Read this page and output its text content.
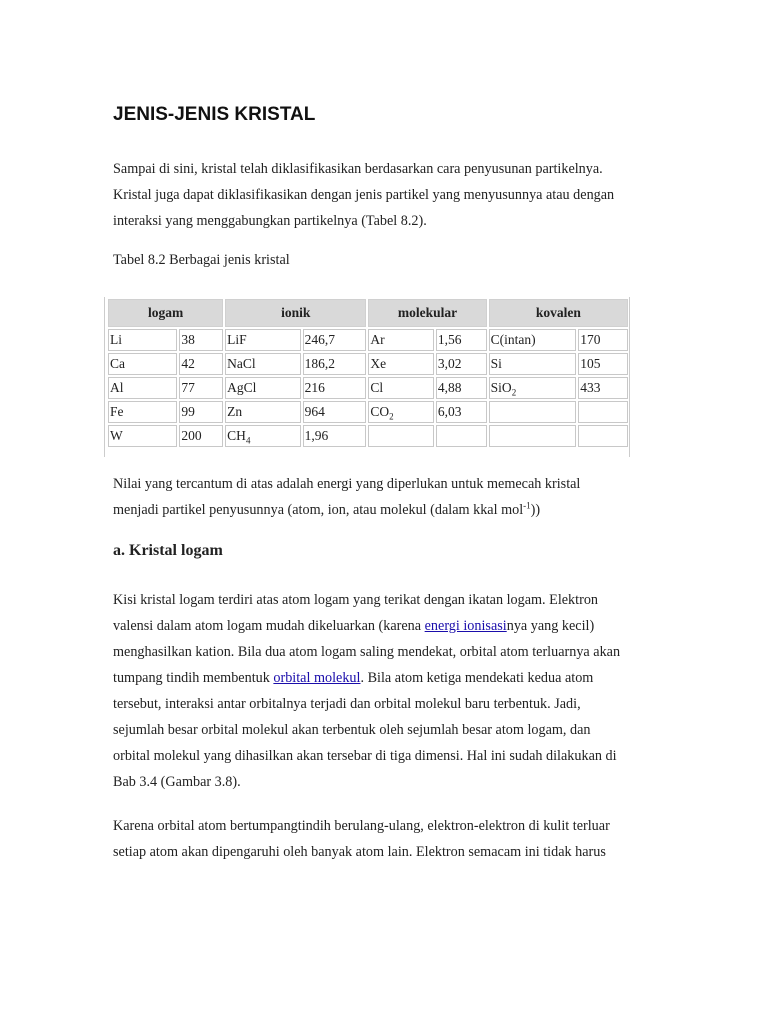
JENIS-JENIS KRISTAL

Sampai di sini, kristal telah diklasifikasikan berdasarkan cara penyusunan partikelnya.
Kristal juga dapat diklasifikasikan dengan jenis partikel yang menyusunnya atau dengan
interaksi yang menggabungkan partikelnya (Tabel 8.2).

Tabel 8.2 Berbagai jenis kristal

logam		ionik		molekular		kovalen	
Li	38	LiF	246,7	Ar	1,56	C(intan)	170
Ca	42	NaCl	186,2	Xe	3,02	Si	105
Al	77	AgCl	216	Cl	4,88	SiO$_2$	433
Fe	99	Zn	964	$CO_2$	6,03		
W	200	$CH_4$	1,96				

Nilai yang tercantum di atas adalah energi yang diperlukan untuk memecah kristal
menjadi partikel penyusunnya (atom, ion, atau molekul (dalam kkal mol$^{-1}$))

a. Kristal logam

Kisi kristal logam terdiri atas atom logam yang terikat dengan ikatan logam. Elektron
valensi dalam atom logam mudah dikeluarkan (karena energi ionisasinya yang kecil)
menghasilkan kation. Bila dua atom logam saling mendekat, orbital atom terluarnya akan
tumpang tindih membentuk orbital molekul. Bila atom ketiga mendekati kedua atom
tersebut, interaksi antar orbitalnya terjadi dan orbital molekul baru terbentuk. Jadi,
sejumlah besar orbital molekul akan terbentuk oleh sejumlah besar atom logam, dan
orbital molekul yang dihasilkan akan tersebar di tiga dimensi. Hal ini sudah dilakukan di
Bab 3.4 (Gambar 3.8).

Karena orbital atom bertumpangtindih berulang-ulang, elektron-elektron di kulit terluar
setiap atom akan dipengaruhi oleh banyak atom lain. Elektron semacam ini tidak harus
